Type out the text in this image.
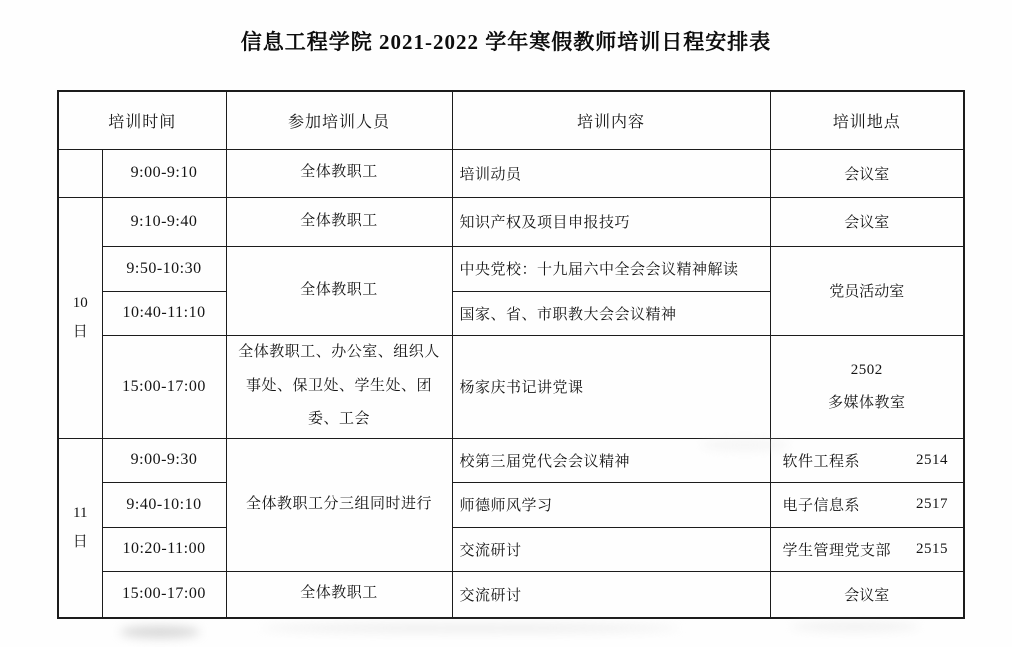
信息工程学院 2021-2022 学年寒假教师培训日程安排表
培训时间		参加培训人员	培训内容	培训地点
	9:00-9:10	全体教职工	培训动员	会议室

10
日	9:10-9:40	全体教职工	知识产权及项目申报技巧	会议室
	9:50-10:30	全体教职工	中央党校：十九届六中全会会议精神解读	党员活动室
	10:40-11:10		国家、省、市职教大会会议精神	
	15:00-17:00	全体教职工、办公室、组织人事处、保卫处、学生处、团委、工会	杨家庆书记讲党课	2502
多媒体教室

11
日
	9:00-9:30	全体教职工分三组同时进行	校第三届党代会会议精神	软件工程系	2514

	9:40-10:10		师德师风学习	电子信息系 2517

	10:20-11:00		交流研讨	学生管理党支部 2515

	15:00-17:00	全体教职工	交流研讨	会议室
